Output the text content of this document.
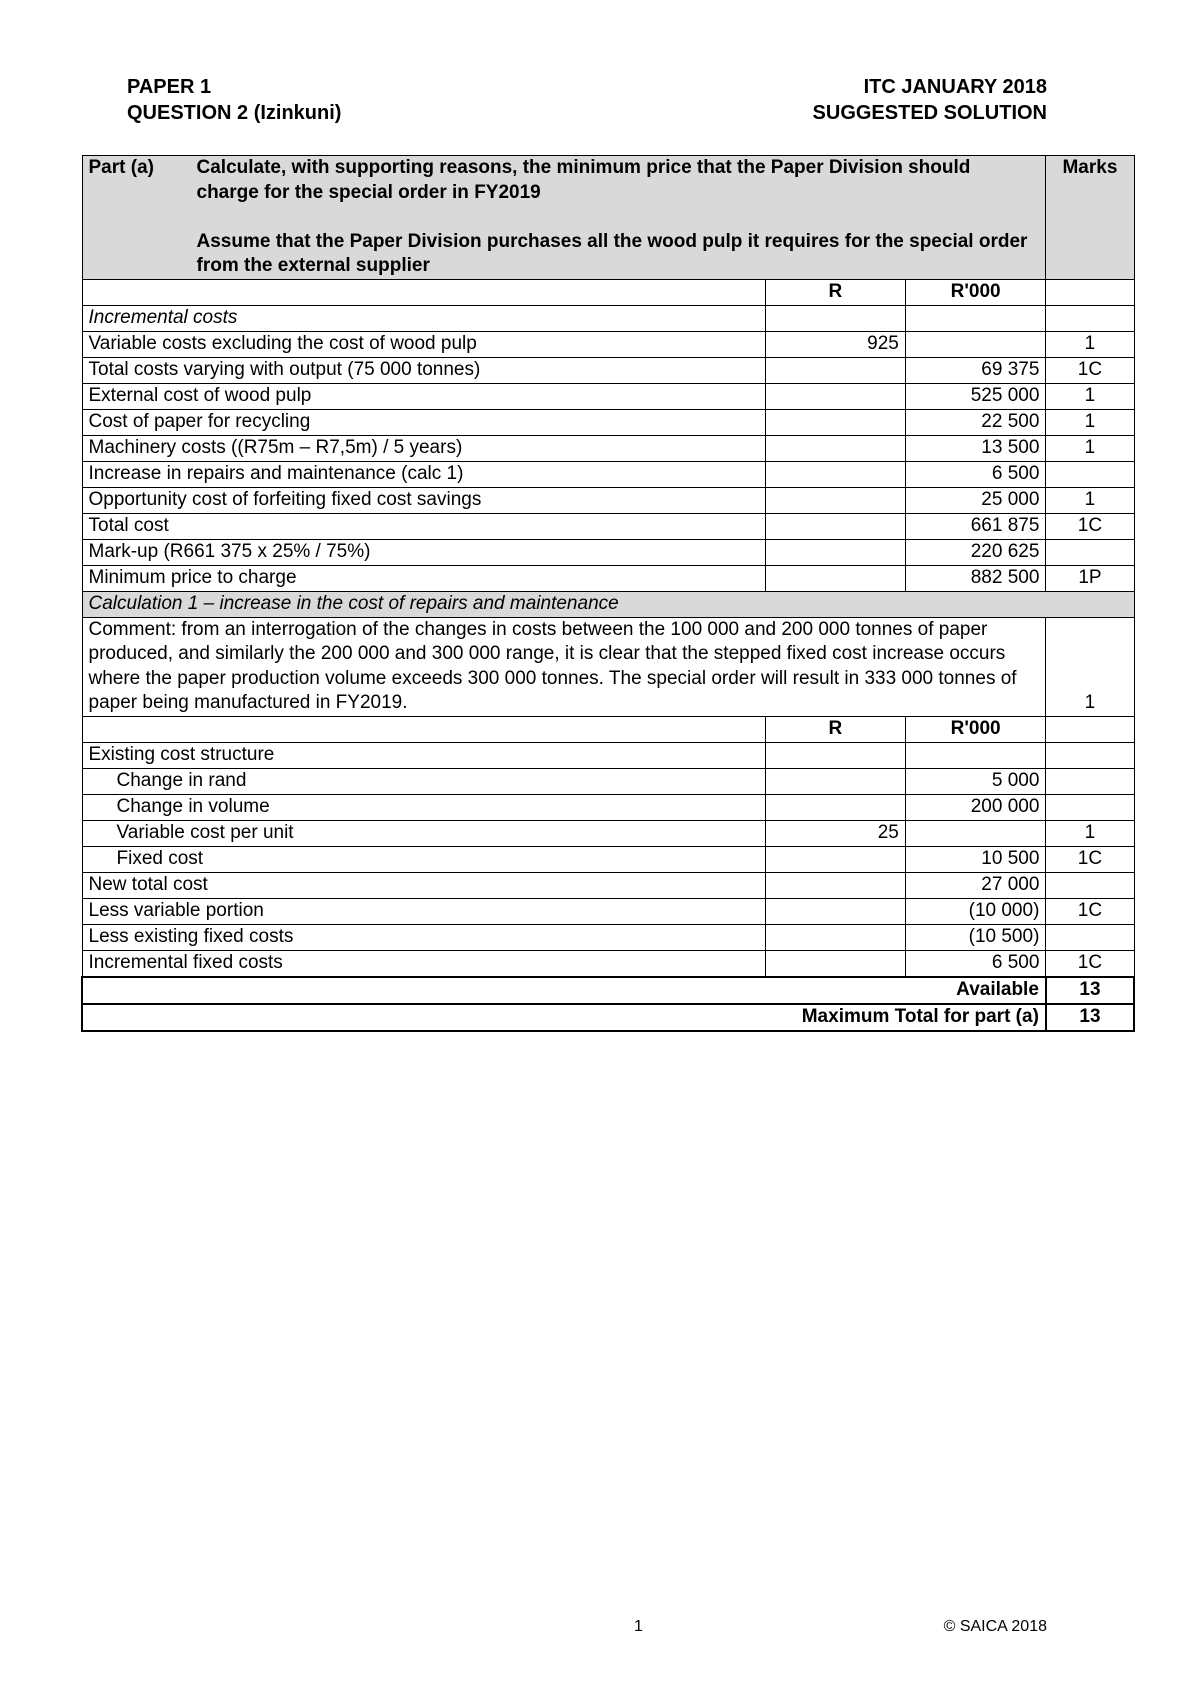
PAPER 1
QUESTION 2 (Izinkuni)
ITC JANUARY 2018
SUGGESTED SOLUTION
Part (a) Calculate, with supporting reasons, the minimum price that the Paper Division should charge for the special order in FY2019

Assume that the Paper Division purchases all the wood pulp it requires for the special order from the external supplier			Marks
	R	R'000	
Incremental costs			
Variable costs excluding the cost of wood pulp	925		1
Total costs varying with output (75 000 tonnes)		69 375	1C
External cost of wood pulp		525 000	1
Cost of paper for recycling		22 500	1
Machinery costs ((R75m – R7,5m) / 5 years)		13 500	1
Increase in repairs and maintenance (calc 1)		6 500	
Opportunity cost of forfeiting fixed cost savings		25 000	1
Total cost		661 875	1C
Mark-up (R661 375 x 25% / 75%)		220 625	
Minimum price to charge		882 500	1P
Calculation 1 – increase in the cost of repairs and maintenance			
Comment: from an interrogation of the changes in costs between the 100 000 and 200 000 tonnes of paper produced, and similarly the 200 000 and 300 000 range, it is clear that the stepped fixed cost increase occurs where the paper production volume exceeds 300 000 tonnes. The special order will result in 333 000 tonnes of paper being manufactured in FY2019.			1
	R	R'000	
Existing cost structure			
Change in rand		5 000	
Change in volume		200 000	
Variable cost per unit	25		1
Fixed cost		10 500	1C
New total cost		27 000	
Less variable portion		(10 000)	1C
Less existing fixed costs		(10 500)	
Incremental fixed costs		6 500	1C
Available			13
Maximum Total for part (a)			13
1	© SAICA 2018
